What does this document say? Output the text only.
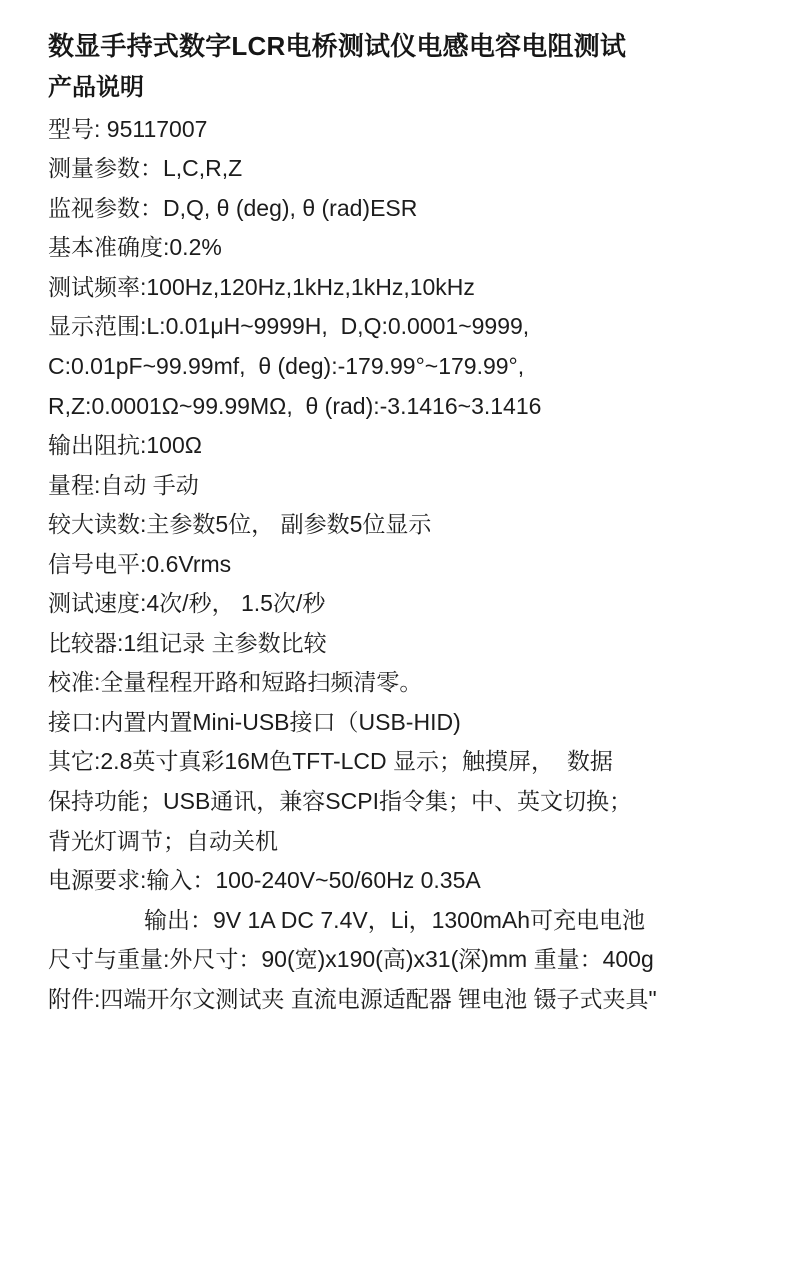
数显手持式数字LCR电桥测试仪电感电容电阻测试
产品说明
型号: 95117007
测量参数：L,C,R,Z
监视参数：D,Q, θ (deg), θ (rad)ESR
基本准确度:0.2%
测试频率:100Hz,120Hz,1kHz,1kHz,10kHz
显示范围:L:0.01μH~9999H,  D,Q:0.0001~9999,
C:0.01pF~99.99mf,  θ (deg):-179.99°~179.99°,
R,Z:0.0001Ω~99.99MΩ,  θ (rad):-3.1416~3.1416
输出阻抗:100Ω
量程:自动 手动
较大读数:主参数5位， 副参数5位显示
信号电平:0.6Vrms
测试速度:4次/秒， 1.5次/秒
比较器:1组记录 主参数比较
校准:全量程程开路和短路扫频清零。
接口:内置内置Mini-USB接口（USB-HID)
其它:2.8英寸真彩16M色TFT-LCD 显示；触摸屏，  数据
保持功能；USB通讯，兼容SCPI指令集；中、英文切换；
背光灯调节；自动关机
电源要求:输入：100-240V~50/60Hz 0.35A
输出：9V 1A DC 7.4V，Li，1300mAh可充电电池
尺寸与重量:外尺寸：90(宽)x190(高)x31(深)mm 重量：400g
附件:四端开尔文测试夹 直流电源适配器 锂电池 镊子式夹具"
